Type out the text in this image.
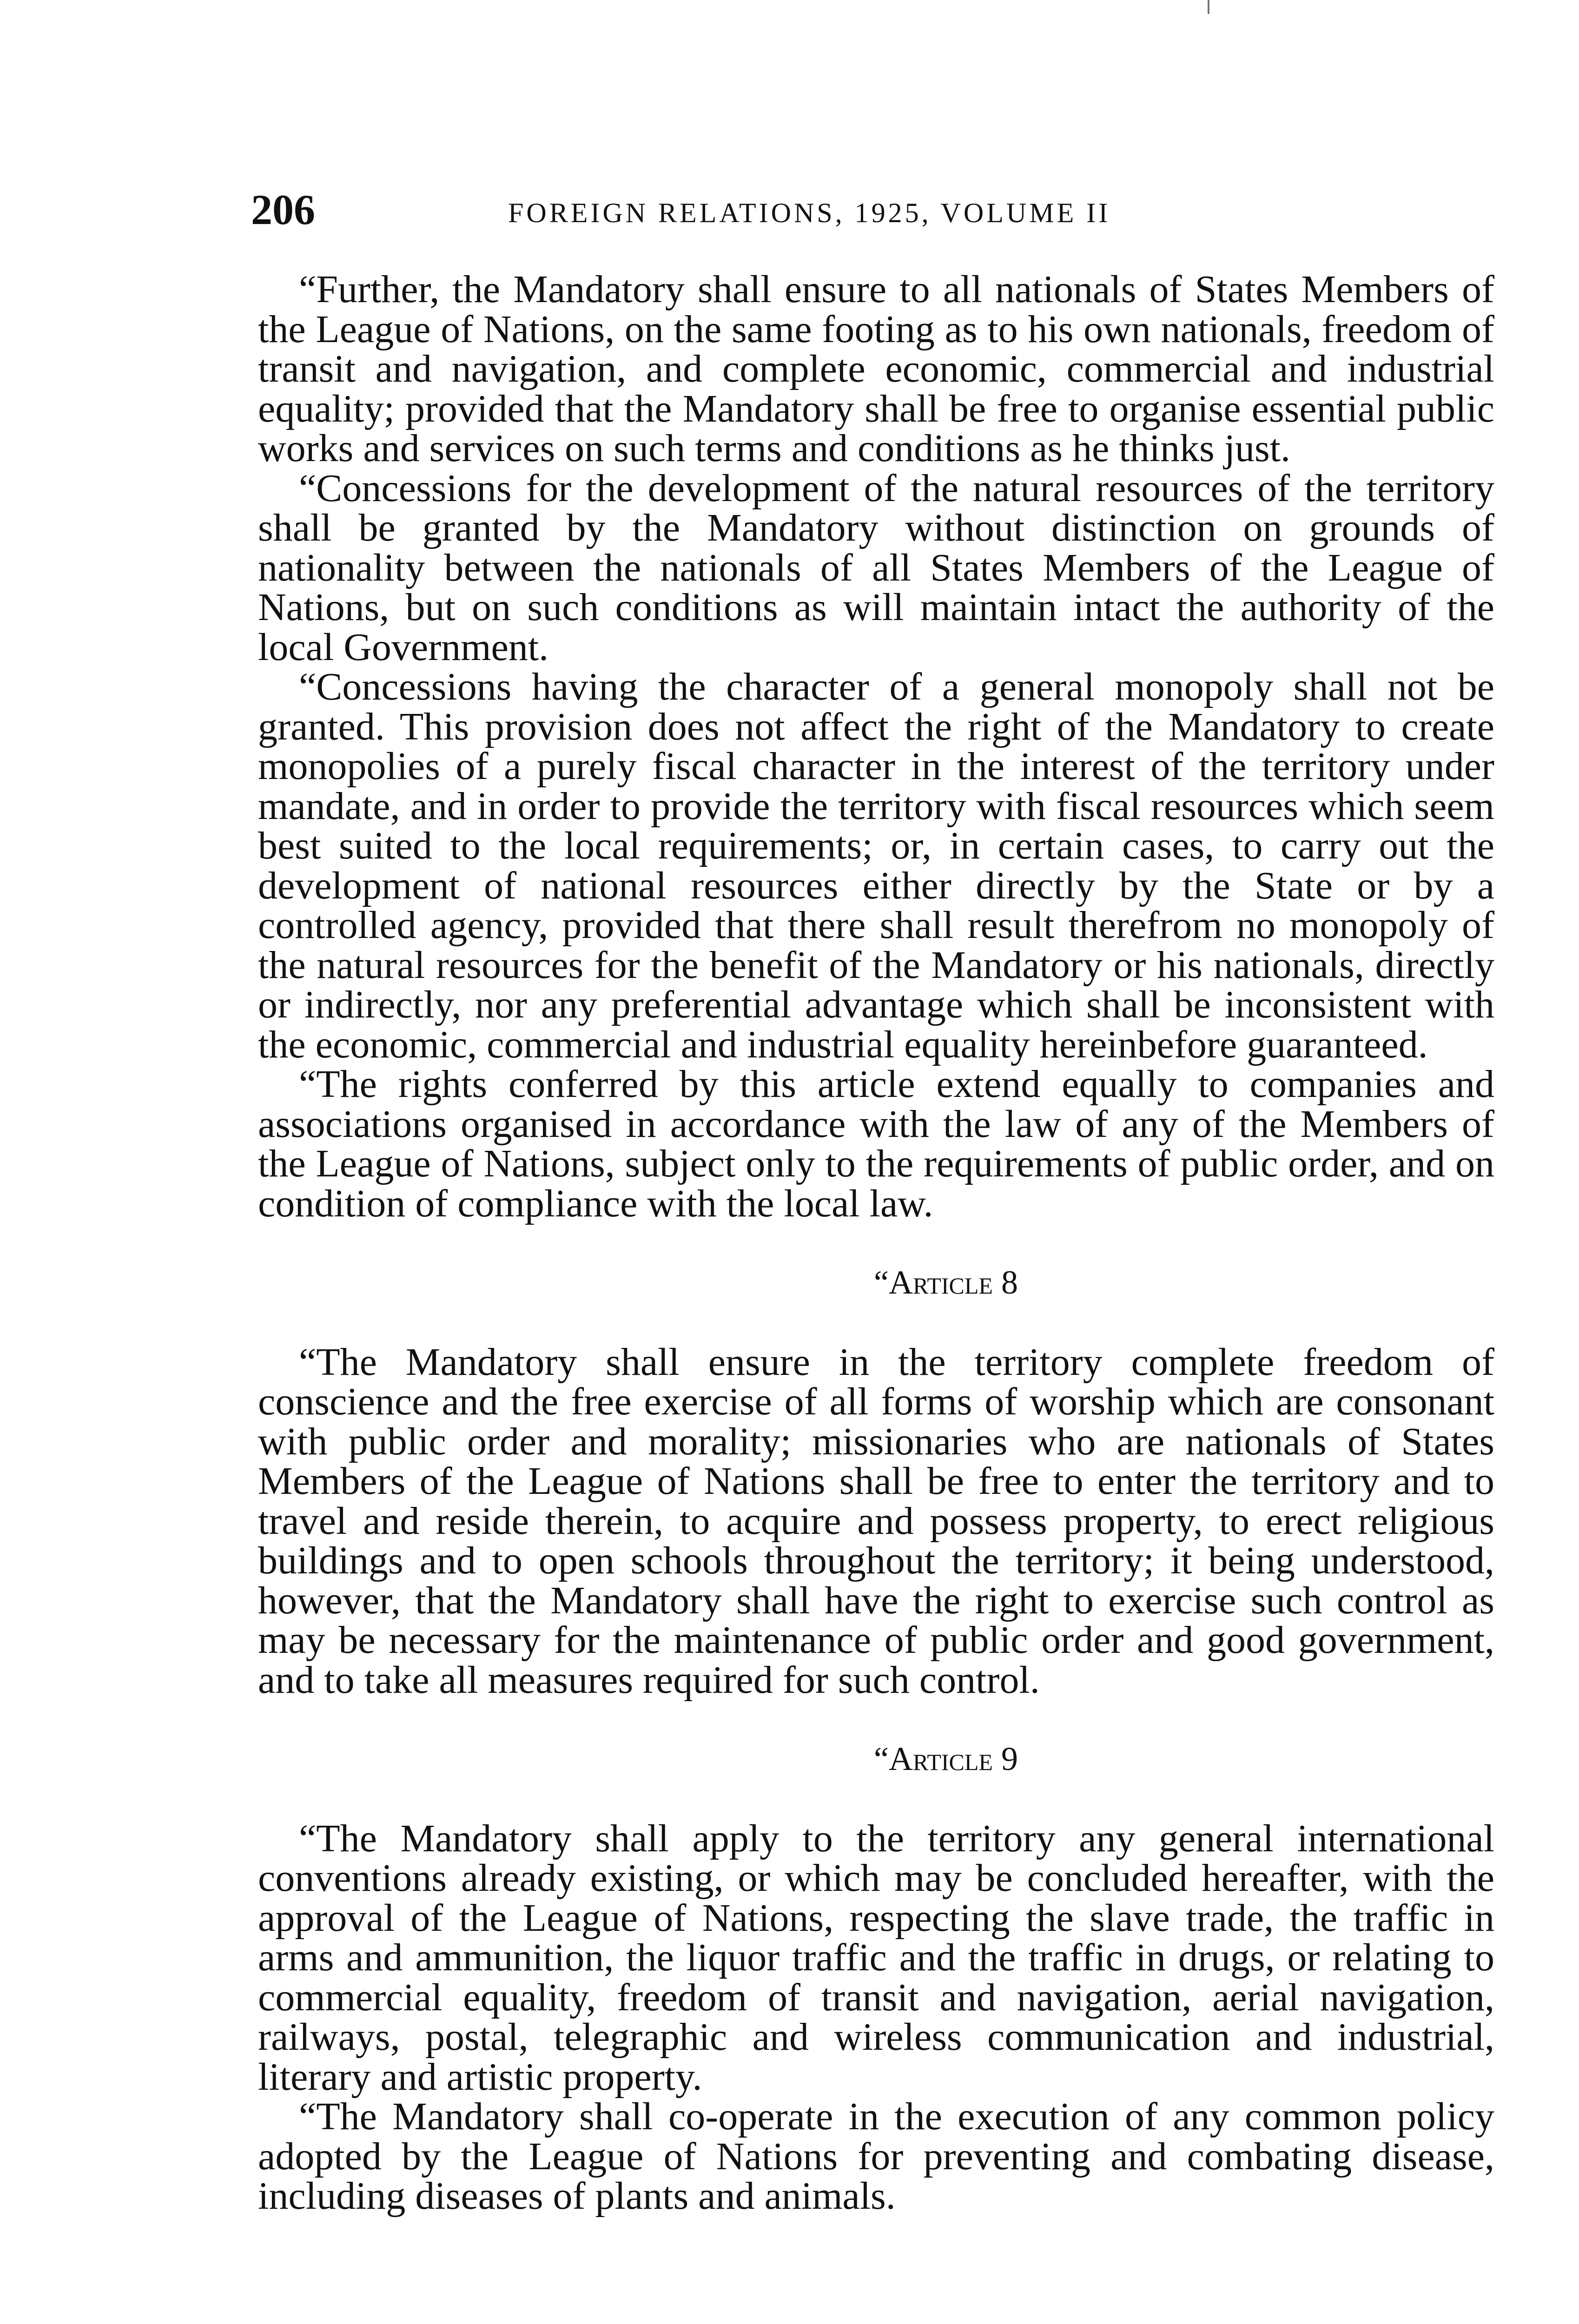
206	FOREIGN RELATIONS, 1925, VOLUME II

“Further, the Mandatory shall ensure to all nationals of States Members of the League of Nations, on the same footing as to his own nationals, freedom of transit and navigation, and complete economic, commercial and industrial equality; provided that the Mandatory shall be free to organise essential public works and services on such terms and conditions as he thinks just.

“Concessions for the development of the natural resources of the territory shall be granted by the Mandatory without distinction on grounds of nationality between the nationals of all States Members of the League of Nations, but on such conditions as will maintain intact the authority of the local Government.

“Concessions having the character of a general monopoly shall not be granted. This provision does not affect the right of the Mandatory to create monopolies of a purely fiscal character in the interest of the territory under mandate, and in order to provide the territory with fiscal resources which seem best suited to the local requirements; or, in certain cases, to carry out the development of national resources either directly by the State or by a controlled agency, provided that there shall result therefrom no monopoly of the natural resources for the benefit of the Mandatory or his nationals, directly or indirectly, nor any preferential advantage which shall be inconsistent with the economic, commercial and industrial equality hereinbefore guaranteed.

“The rights conferred by this article extend equally to companies and associations organised in accordance with the law of any of the Members of the League of Nations, subject only to the requirements of public order, and on condition of compliance with the local law.

“Article 8

“The Mandatory shall ensure in the territory complete freedom of conscience and the free exercise of all forms of worship which are consonant with public order and morality; missionaries who are nationals of States Members of the League of Nations shall be free to enter the territory and to travel and reside therein, to acquire and possess property, to erect religious buildings and to open schools throughout the territory; it being understood, however, that the Mandatory shall have the right to exercise such control as may be necessary for the maintenance of public order and good government, and to take all measures required for such control.

“Article 9

“The Mandatory shall apply to the territory any general international conventions already existing, or which may be concluded hereafter, with the approval of the League of Nations, respecting the slave trade, the traffic in arms and ammunition, the liquor traffic and the traffic in drugs, or relating to commercial equality, freedom of transit and navigation, aerial navigation, railways, postal, telegraphic and wireless communication and industrial, literary and artistic property.

“The Mandatory shall co-operate in the execution of any common policy adopted by the League of Nations for preventing and combating disease, including diseases of plants and animals.
